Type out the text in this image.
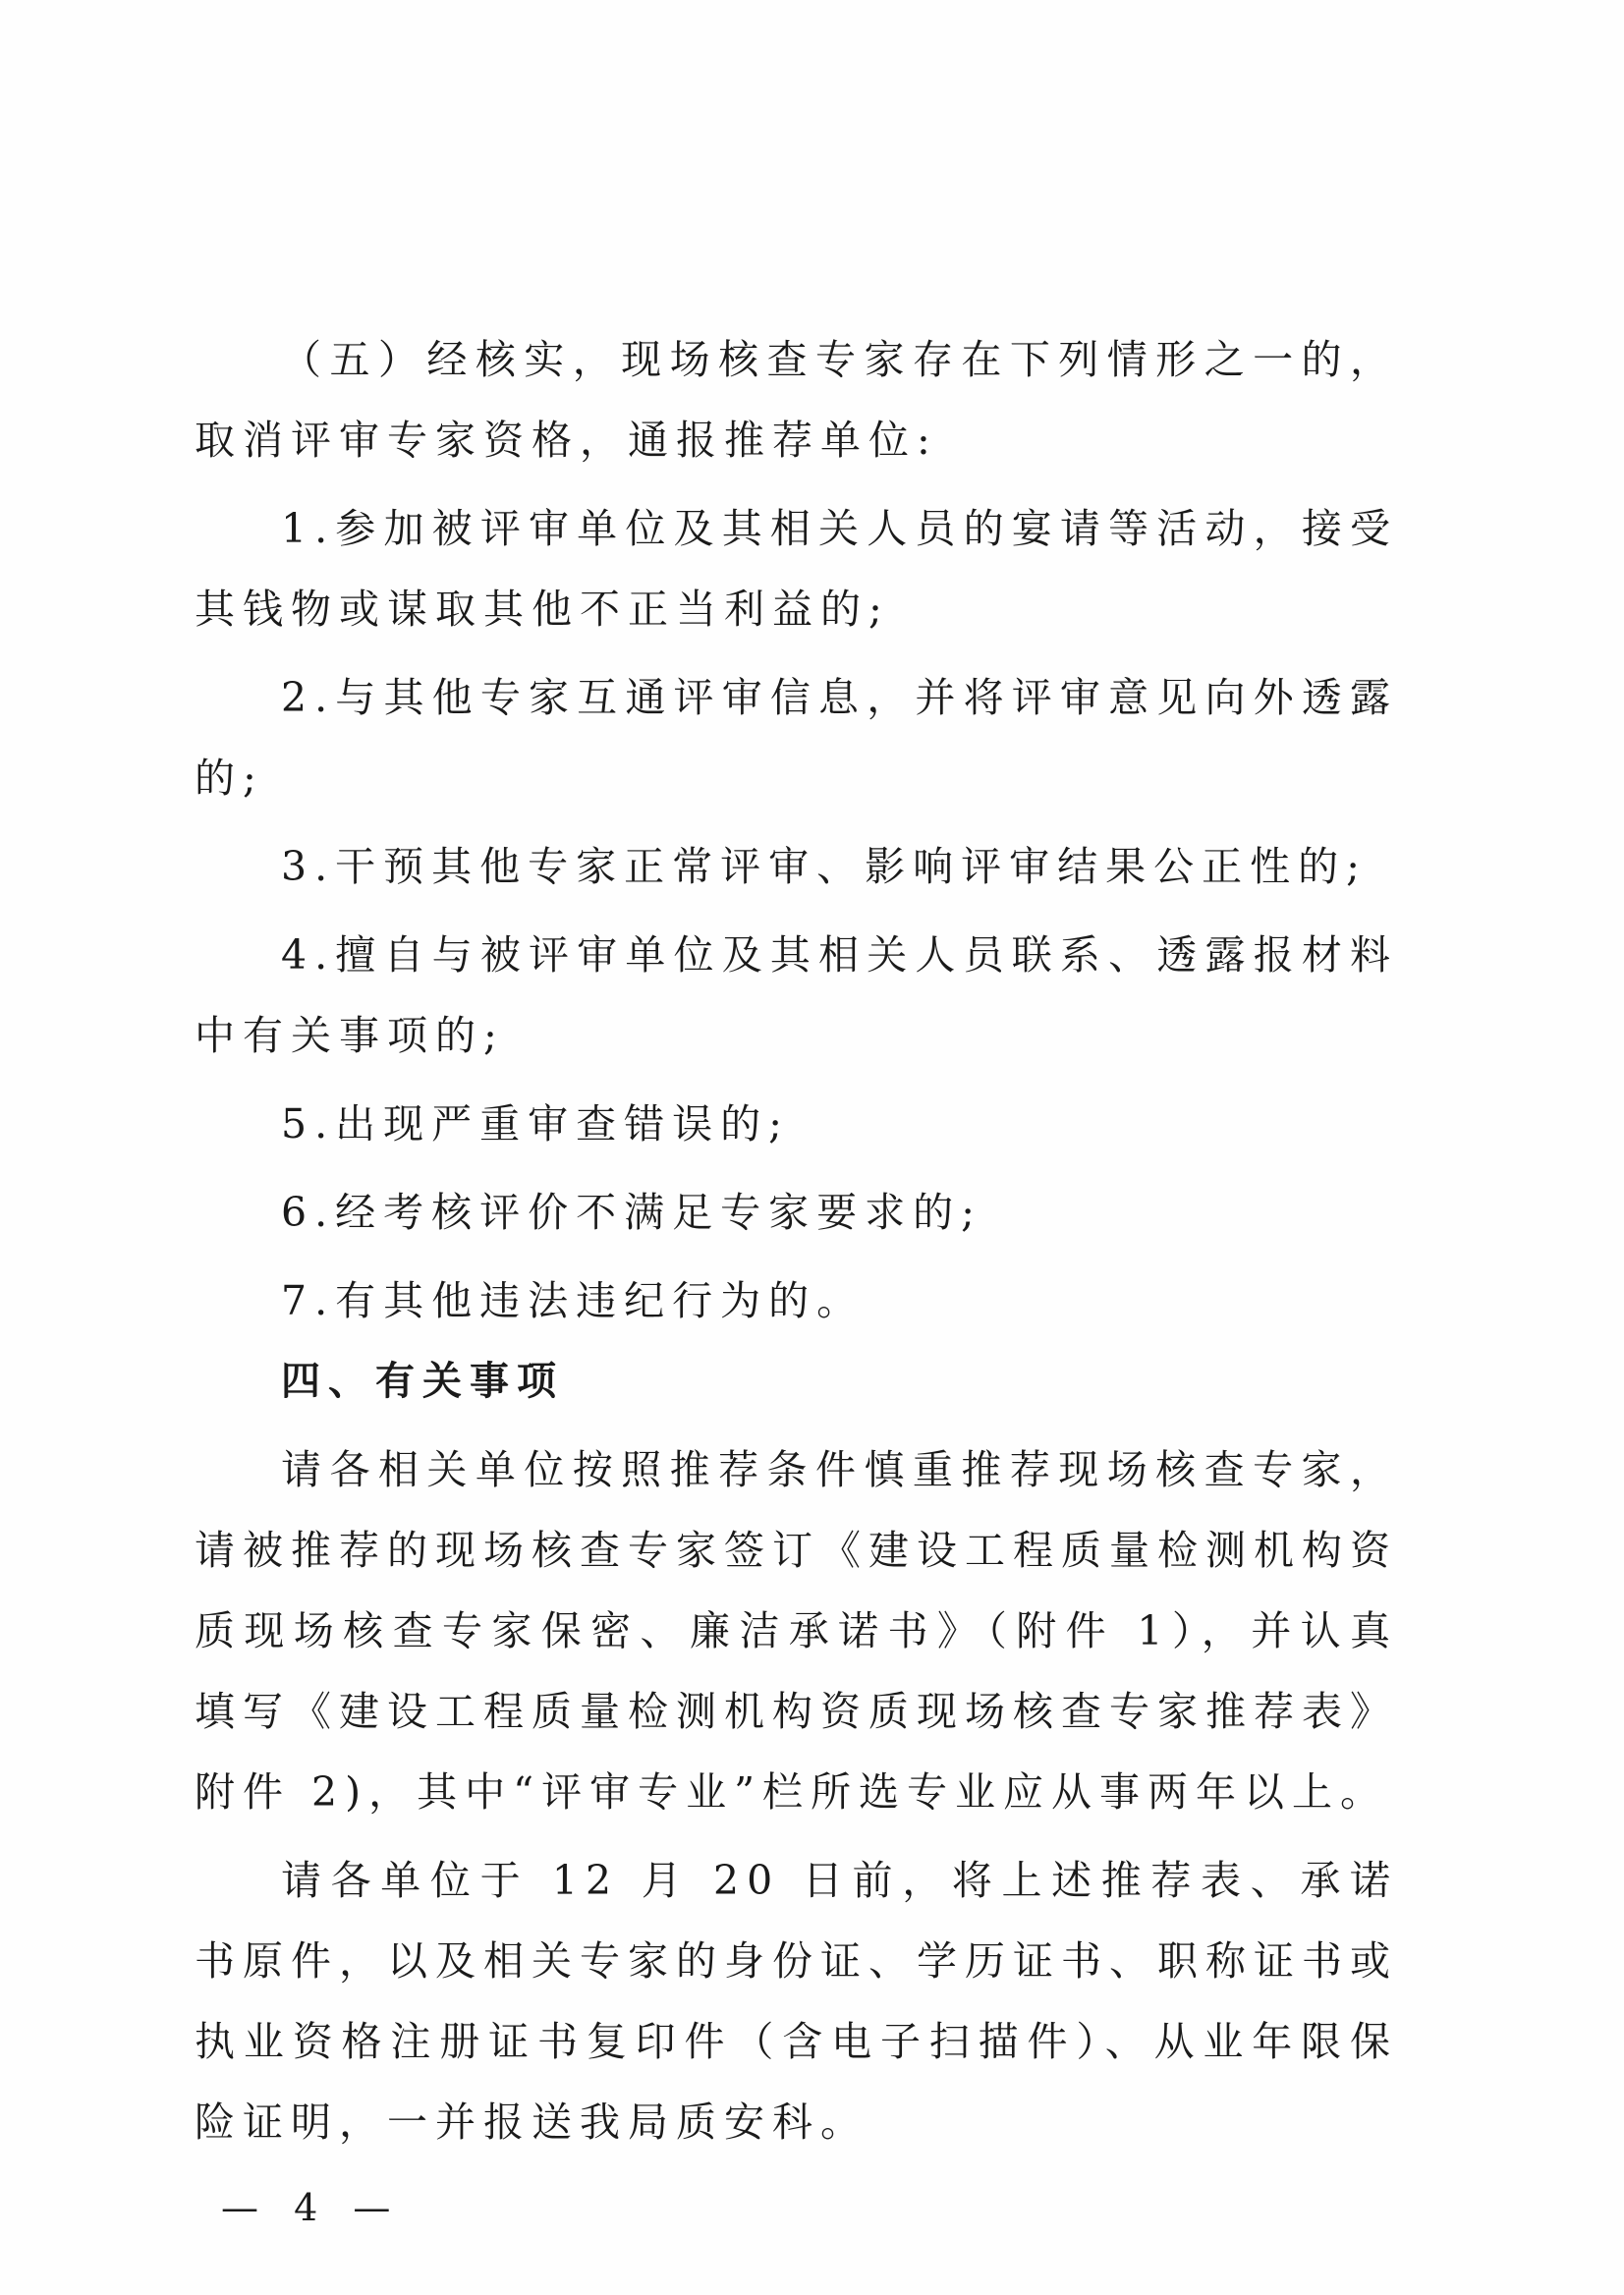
（五）经核实，现场核查专家存在下列情形之一的，取消评审专家资格，通报推荐单位:

1.参加被评审单位及其相关人员的宴请等活动，接受其钱物或谋取其他不正当利益的;

2.与其他专家互通评审信息，并将评审意见向外透露的;

3.干预其他专家正常评审、影响评审结果公正性的;

4.擅自与被评审单位及其相关人员联系、透露报材料中有关事项的;

5.出现严重审查错误的;

6.经考核评价不满足专家要求的;

7.有其他违法违纪行为的。

四、有关事项

请各相关单位按照推荐条件慎重推荐现场核查专家，请被推荐的现场核查专家签订《建设工程质量检测机构资质现场核查专家保密、廉洁承诺书》（附件 1），并认真填写《建设工程质量检测机构资质现场核查专家推荐表》附件 2)，其中“评审专业”栏所选专业应从事两年以上。

请各单位于 12 月 20 日前，将上述推荐表、承诺书原件，以及相关专家的身份证、学历证书、职称证书或执业资格注册证书复印件（含电子扫描件）、从业年限保险证明，一并报送我局质安科。

— 4 —
